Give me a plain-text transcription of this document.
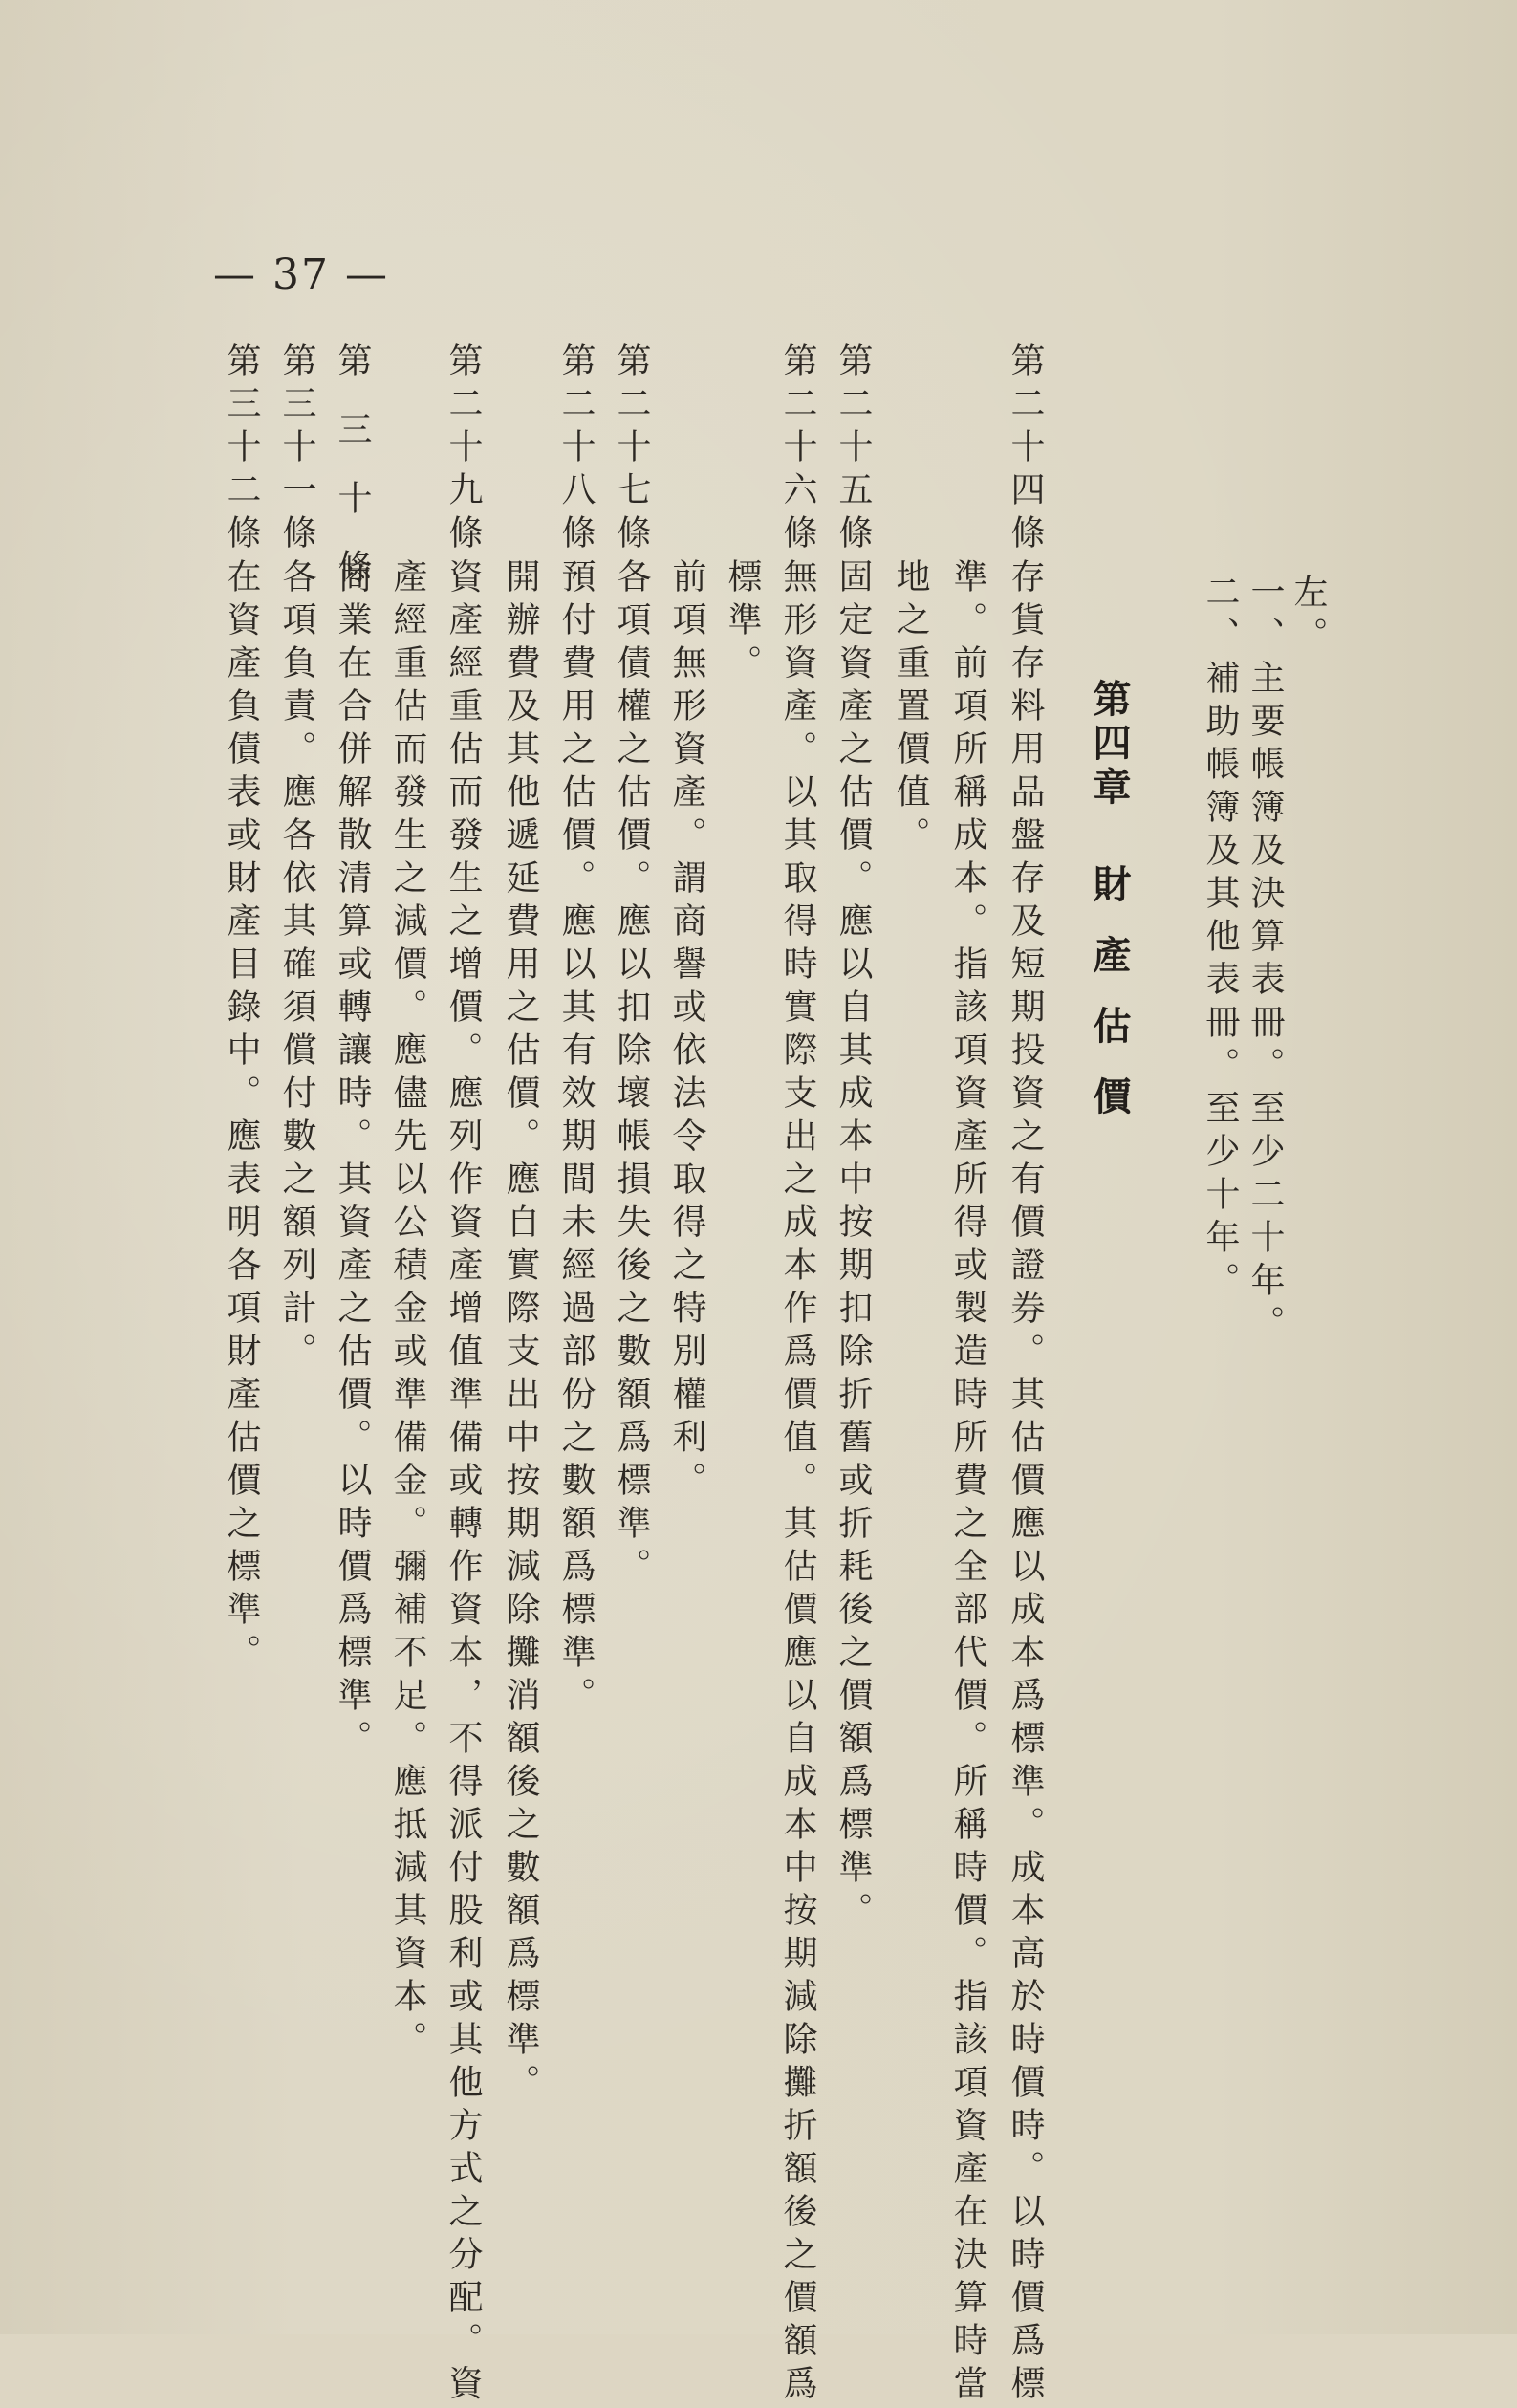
— 37 —
左。
一、主要帳簿及決算表冊。至少二十年。
二、補助帳簿及其他表冊。至少十年。
第四章財產估價
第二十四條
存貨存料用品盤存及短期投資之有價證券。其估價應以成本爲標準。成本高於時價時。以時價爲標
準。前項所稱成本。指該項資產所得或製造時所費之全部代價。所稱時價。指該項資產在決算時當
地之重置價值。
第二十五條
固定資產之估價。應以自其成本中按期扣除折舊或折耗後之價額爲標準。
第二十六條
無形資產。以其取得時實際支出之成本作爲價值。其估價應以自成本中按期減除攤折額後之價額爲
標準。
前項無形資產。謂商譽或依法令取得之特別權利。
第二十七條
各項債權之估價。應以扣除壞帳損失後之數額爲標準。
第二十八條
預付費用之估價。應以其有效期間未經過部份之數額爲標準。
第二十九條
開辦費及其他遞延費用之估價。應自實際支出中按期減除攤消額後之數額爲標準。
資產經重估而發生之增價。應列作資產增值準備或轉作資本，不得派付股利或其他方式之分配。資
產經重估而發生之減價。應儘先以公積金或準備金。彌補不足。應抵減其資本。
第三十條
商業在合併解散清算或轉讓時。其資產之估價。以時價爲標準。
第三十一條
各項負責。應各依其確須償付數之額列計。
第三十二條
在資產負債表或財產目錄中。應表明各項財產估價之標準。
